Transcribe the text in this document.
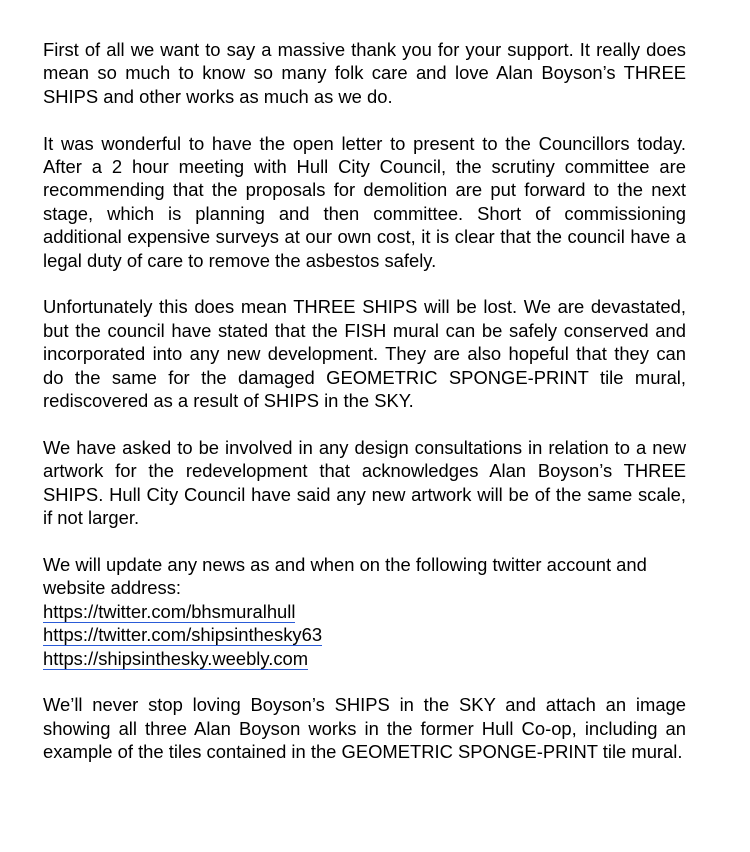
First of all we want to say a massive thank you for your support. It really does mean so much to know so many folk care and love Alan Boyson’s THREE SHIPS and other works as much as we do.

It was wonderful to have the open letter to present to the Councillors today. After a 2 hour meeting with Hull City Council, the scrutiny committee are recommending that the proposals for demolition are put forward to the next stage, which is planning and then committee. Short of commissioning additional expensive surveys at our own cost, it is clear that the council have a legal duty of care to remove the asbestos safely.

Unfortunately this does mean THREE SHIPS will be lost. We are devastated, but the council have stated that the FISH mural can be safely conserved and incorporated into any new development. They are also hopeful that they can do the same for the damaged GEOMETRIC SPONGE-PRINT tile mural, rediscovered as a result of SHIPS in the SKY.

We have asked to be involved in any design consultations in relation to a new artwork for the redevelopment that acknowledges Alan Boyson’s THREE SHIPS. Hull City Council have said any new artwork will be of the same scale, if not larger.

We will update any news as and when on the following twitter account and website address:
https://twitter.com/bhsmuralhull
https://twitter.com/shipsinthesky63
https://shipsinthesky.weebly.com

We’ll never stop loving Boyson’s SHIPS in the SKY and attach an image showing all three Alan Boyson works in the former Hull Co-op, including an example of the tiles contained in the GEOMETRIC SPONGE-PRINT tile mural.
